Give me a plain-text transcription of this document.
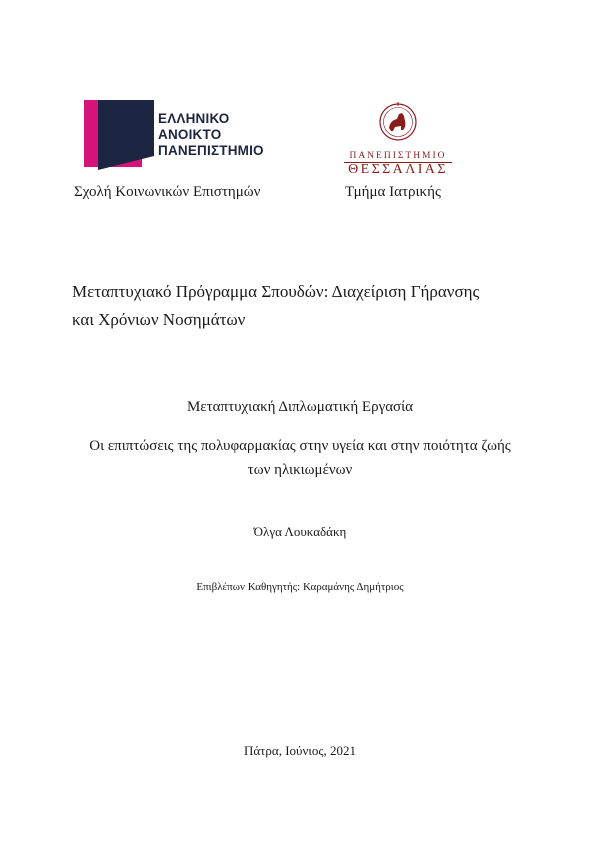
ΕΛΛΗΝΙΚΟ
ΑΝΟΙΚΤΟ
ΠΑΝΕΠΙΣΤΗΜΙΟ	ΠΑΝΕΠΙΣΤΗΜΙΟ
ΘΕΣΣΑΛΙΑΣ
Σχολή Κοινωνικών Επιστημών	Τμήμα Ιατρικής
Μεταπτυχιακό Πρόγραμμα Σπουδών: Διαχείριση Γήρανσης
και Χρόνιων Νοσημάτων
Μεταπτυχιακή Διπλωματική Εργασία
Οι επιπτώσεις της πολυφαρμακίας στην υγεία και στην ποιότητα ζωής
των ηλικιωμένων
Όλγα Λουκαδάκη
Επιβλέπων Καθηγητής: Καραμάνης Δημήτριος
Πάτρα, Ιούνιος, 2021
